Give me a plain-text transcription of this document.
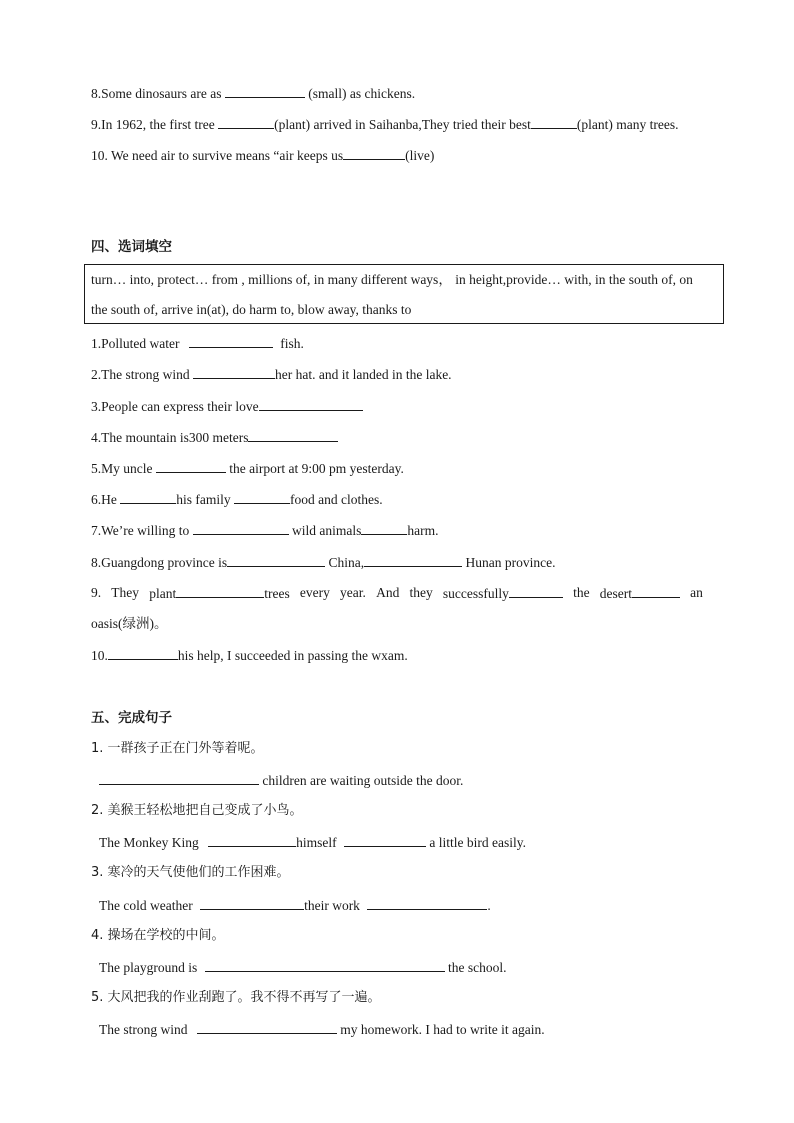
8.Some dinosaurs are as	(small) as chickens.
9.In 1962, the first tree	(plant) arrived in Saihanba,They tried their best	(plant) many trees.
10. We need air to survive means “air keeps us	(live)
四、选词填空
turn… into, protect… from , millions of, in many different ways， in height,provide… with, in the south of, on
the south of, arrive in(at), do harm to, blow away, thanks to
1.Polluted water	fish.
2.The strong wind	her hat. and it landed in the lake.
3.People can express their love
4.The mountain is300 meters
5.My uncle	the airport at 9:00 pm yesterday.
6.He	his family	food and clothes.
7.We’re willing to	wild animals	harm.
8.Guangdong province is	China,	Hunan province.
9. They plant	trees every year. And they successfully	the desert	an
oasis(绿洲)。
10.	his help, I succeeded in passing the wxam.
五、完成句子
1. 一群孩子正在门外等着呢。
children are waiting outside the door.
2. 美猴王轻松地把自己变成了小鸟。
The Monkey King	himself	a little bird easily.
3. 寒冷的天气使他们的工作困难。
The cold weather	their work	.
4. 操场在学校的中间。
The playground is	the school.
5. 大风把我的作业刮跑了。我不得不再写了一遍。
The strong wind	my homework. I had to write it again.
